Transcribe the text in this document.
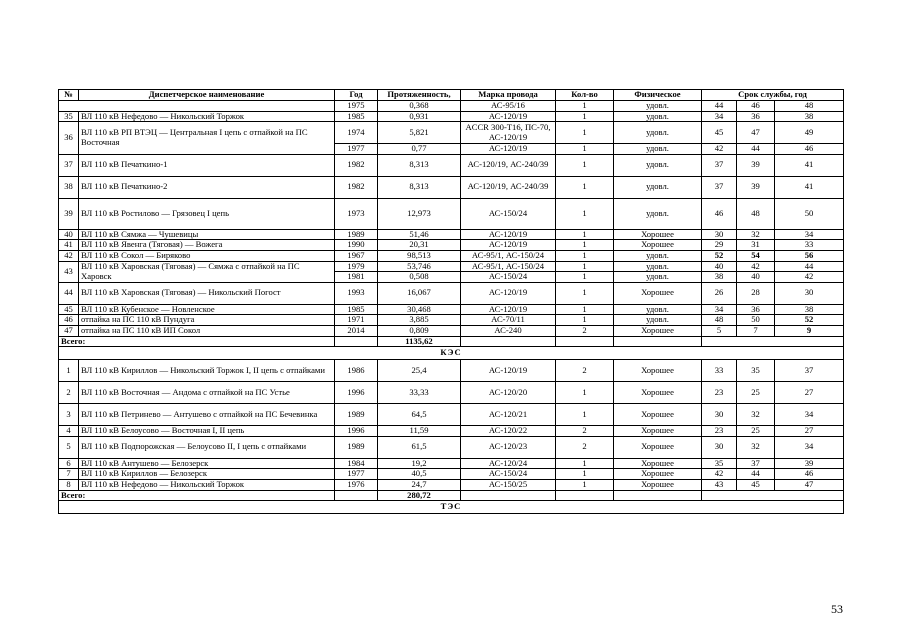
№	Диспетчерское наименование	Год	Протяженность,	Марка провода	Кол-во	Физическое	Срок службы, год		
		1975	0,368	АС-95/16	1	удовл.	44	46	48
35	ВЛ 110 кВ Нефедово — Никольский Торжок	1985	0,931	АС-120/19	1	удовл.	34	36	38
36	ВЛ 110 кВ РП ВТЭЦ — Центральная I цепь с отпайкой на ПС Восточная	1974	5,821	ACCR 300-T16, ПС-70, АС-120/19	1	удовл.	45	47	49
		1977	0,77	АС-120/19	1	удовл.	42	44	46
37	ВЛ 110 кВ Печаткино-1	1982	8,313	АС-120/19, АС-240/39	1	удовл.	37	39	41
38	ВЛ 110 кВ Печаткино-2	1982	8,313	АС-120/19, АС-240/39	1	удовл.	37	39	41
39	ВЛ 110 кВ Ростилово — Грязовец I цепь	1973	12,973	АС-150/24	1	удовл.	46	48	50
40	ВЛ 110 кВ Сямжа — Чушевицы	1989	51,46	АС-120/19	1	Хорошее	30	32	34
41	ВЛ 110 кВ Явенга (Тяговая) — Вожега	1990	20,31	АС-120/19	1	Хорошее	29	31	33
42	ВЛ 110 кВ Сокол — Биряково	1967	98,513	АС-95/1, АС-150/24	1	удовл.	52	54	56
43	ВЛ 110 кВ Харовская (Тяговая) — Сямжа с отпайкой на ПС Харовск	1979	53,746	АС-95/1, АС-150/24	1	удовл.	40	42	44
		1981	0,508	АС-150/24	1	удовл.	38	40	42
44	ВЛ 110 кВ Харовская (Тяговая) — Никольский Погост	1993	16,067	АС-120/19	1	Хорошее	26	28	30
45	ВЛ 110 кВ Кубенское — Новленское	1985	30,468	АС-120/19	1	удовл.	34	36	38
46	отпайка на ПС 110 кВ Пундуга	1971	3,885	АС-70/11	1	удовл.	48	50	52
47	отпайка на ПС 110 кВ ИП Сокол	2014	0,809	АС-240	2	Хорошее	5	7	9
Всего:			1135,62						
КЭС									
1	ВЛ 110 кВ Кириллов — Никольский Торжок I, II цепь с отпайками	1986	25,4	АС-120/19	2	Хорошее	33	35	37
2	ВЛ 110 кВ Восточная — Андома с отпайкой на ПС Устье	1996	33,33	АС-120/20	1	Хорошее	23	25	27
3	ВЛ 110 кВ Петринево — Антушево с отпайкой на ПС Бечевинка	1989	64,5	АС-120/21	1	Хорошее	30	32	34
4	ВЛ 110 кВ Белоусово — Восточная I, II цепь	1996	11,59	АС-120/22	2	Хорошее	23	25	27
5	ВЛ 110 кВ Подпорожская — Белоусово II, I цепь с отпайками	1989	61,5	АС-120/23	2	Хорошее	30	32	34
6	ВЛ 110 кВ Антушево — Белозерск	1984	19,2	АС-120/24	1	Хорошее	35	37	39
7	ВЛ 110 кВ Кириллов — Белозерск	1977	40,5	АС-150/24	1	Хорошее	42	44	46
8	ВЛ 110 кВ Нефедово — Никольский Торжок	1976	24,7	АС-150/25	1	Хорошее	43	45	47
Всего:			280,72						
ТЭС									
53
